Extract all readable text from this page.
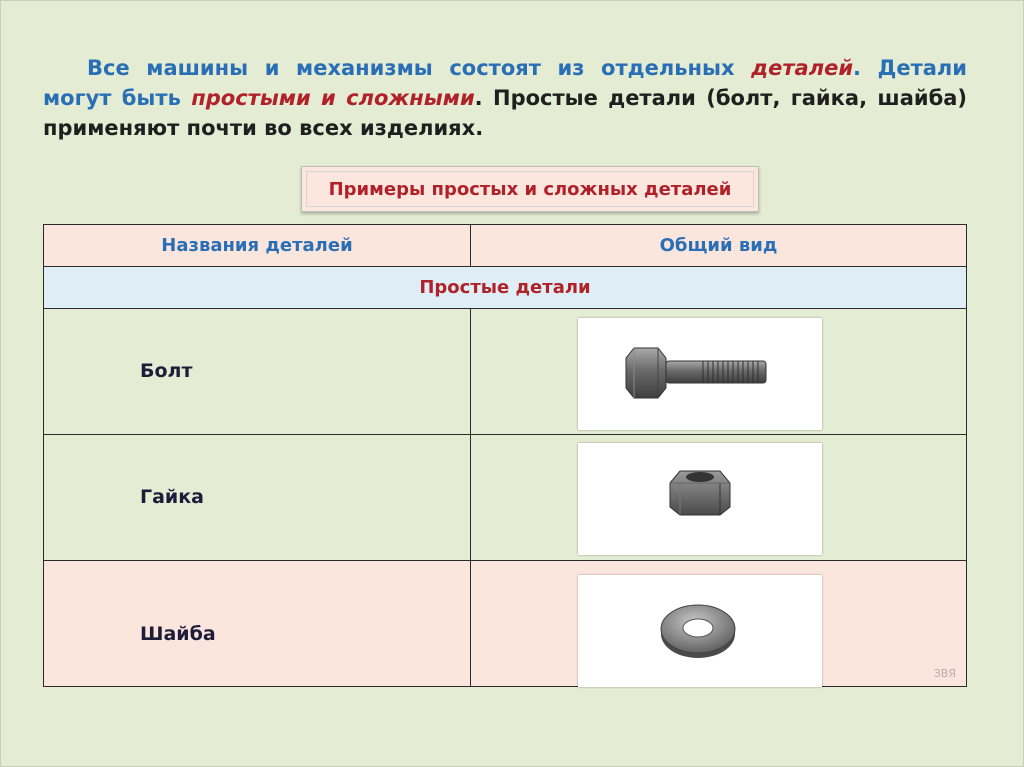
Все машины и механизмы состоят из отдельных деталей. Детали могут быть простыми и сложными. Простые детали (болт, гайка, шайба) применяют почти во всех изделиях.
Примеры простых и сложных деталей
Названия деталей	Общий вид
Простые детали	

Болт

Гайка

Шайба	ЗВЯ
